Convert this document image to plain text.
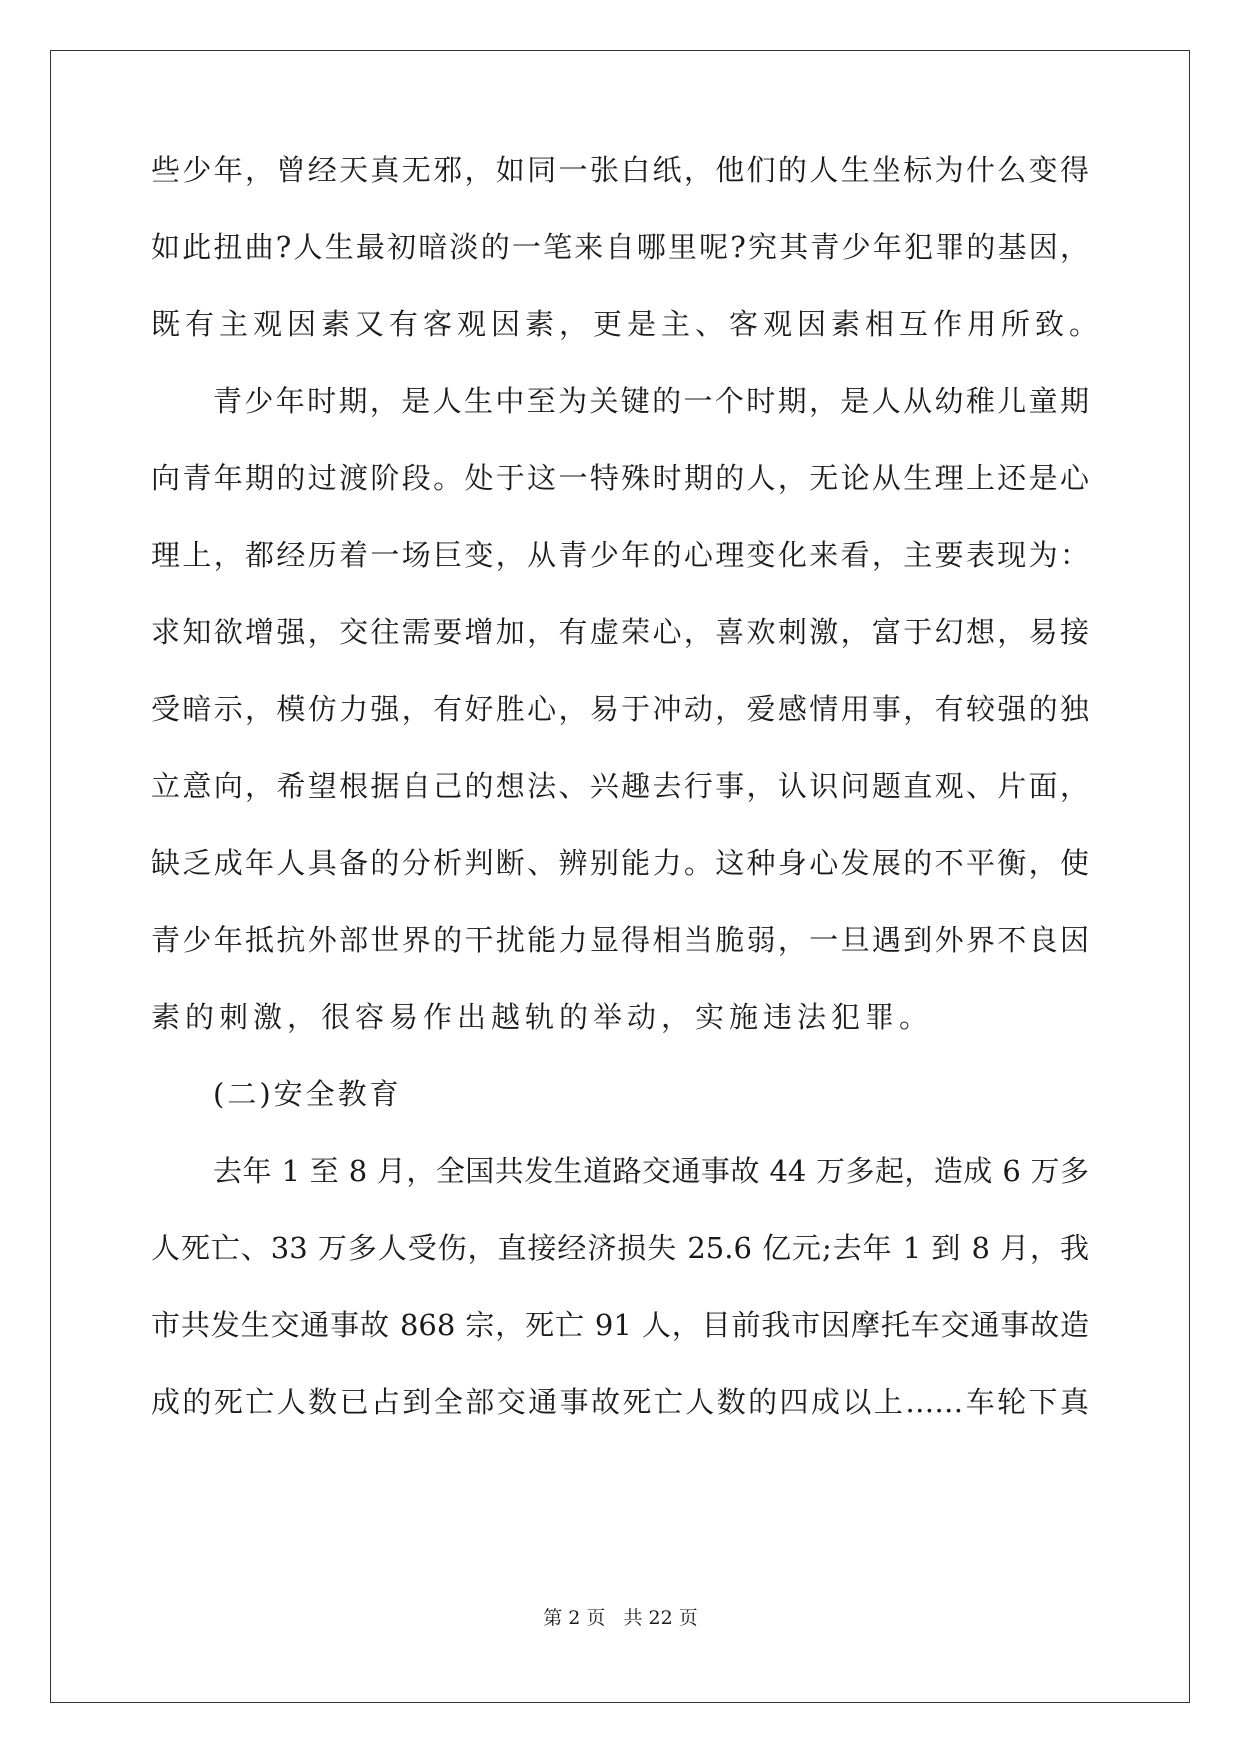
些少年，曾经天真无邪，如同一张白纸，他们的人生坐标为什么变得
如此扭曲?人生最初暗淡的一笔来自哪里呢?究其青少年犯罪的基因，
既有主观因素又有客观因素，更是主、客观因素相互作用所致。
青少年时期，是人生中至为关键的一个时期，是人从幼稚儿童期
向青年期的过渡阶段。处于这一特殊时期的人，无论从生理上还是心
理上，都经历着一场巨变，从青少年的心理变化来看，主要表现为：
求知欲增强，交往需要增加，有虚荣心，喜欢刺激，富于幻想，易接
受暗示，模仿力强，有好胜心，易于冲动，爱感情用事，有较强的独
立意向，希望根据自己的想法、兴趣去行事，认识问题直观、片面，
缺乏成年人具备的分析判断、辨别能力。这种身心发展的不平衡，使
青少年抵抗外部世界的干扰能力显得相当脆弱，一旦遇到外界不良因
素的刺激，很容易作出越轨的举动，实施违法犯罪。
(二)安全教育
去年 1 至 8 月，全国共发生道路交通事故 44 万多起，造成 6 万多
人死亡、33 万多人受伤，直接经济损失 25.6 亿元;去年 1 到 8 月，我
市共发生交通事故 868 宗，死亡 91 人，目前我市因摩托车交通事故造
成的死亡人数已占到全部交通事故死亡人数的四成以上……车轮下真
第 2 页 共 22 页
